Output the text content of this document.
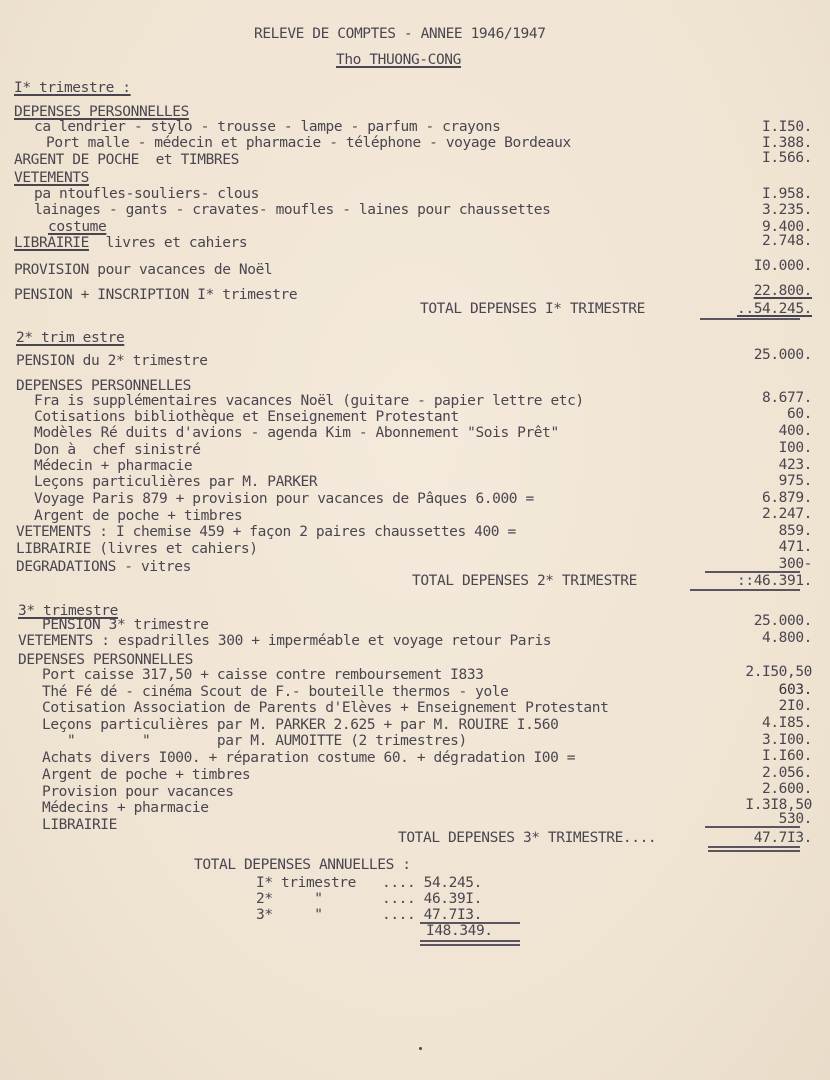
RELEVE DE COMPTES - ANNEE 1946/1947
Tho THUONG-CONG
I* trimestre :
DEPENSES PERSONNELLES
ca lendrier - stylo - trousse - lampe - parfum - crayons	I.I50.
Port malle - médecin et pharmacie - téléphone - voyage Bordeaux	I.388.
ARGENT DE POCHE  et TIMBRES	I.566.
VETEMENTS
pa ntoufles-souliers- clous	I.958.
lainages - gants - cravates- moufles - laines pour chaussettes	3.235.
costume	9.400.
LIBRAIRIE  livres et cahiers	2.748.
PROVISION pour vacances de Noël	I0.000.
PENSION + INSCRIPTION I* trimestre	22.800.
TOTAL DEPENSES I* TRIMESTRE	..54.245.
2* trim estre
PENSION du 2* trimestre	25.000.
DEPENSES PERSONNELLES
Fra is supplémentaires vacances Noël (guitare - papier lettre etc)	8.677.
Cotisations bibliothèque et Enseignement Protestant	60.
Modèles Ré duits d'avions - agenda Kim - Abonnement "Sois Prêt"	400.
Don à  chef sinistré	I00.
Médecin + pharmacie	423.
Leçons particulières par M. PARKER	975.
Voyage Paris 879 + provision pour vacances de Pâques 6.000 =	6.879.
Argent de poche + timbres	2.247.
VETEMENTS : I chemise 459 + façon 2 paires chaussettes 400 =	859.
LIBRAIRIE (livres et cahiers)	471.
DEGRADATIONS - vitres	300-
TOTAL DEPENSES 2* TRIMESTRE	::46.391.
3* trimestre
PENSION 3* trimestre	25.000.
VETEMENTS : espadrilles 300 + imperméable et voyage retour Paris	4.800.
DEPENSES PERSONNELLES
Port caisse 317,50 + caisse contre remboursement I833	2.I50,50
Thé Fé dé - cinéma Scout de F.- bouteille thermos - yole	603.
Cotisation Association de Parents d'Elèves + Enseignement Protestant	2I0.
Leçons particulières par M. PARKER 2.625 + par M. ROUIRE I.560	4.I85.
"        "        par M. AUMOITTE (2 trimestres)	3.I00.
Achats divers I000. + réparation costume 60. + dégradation I00 =	I.I60.
Argent de poche + timbres	2.056.
Provision pour vacances	2.600.
Médecins + pharmacie	I.3I8,50
LIBRAIRIE	530.
TOTAL DEPENSES 3* TRIMESTRE....	47.7I3.
TOTAL DEPENSES ANNUELLES :
I* trimestre .... 54.245.
2*     " .... 46.39I.
3*     " .... 47.7I3.
I48.349.
